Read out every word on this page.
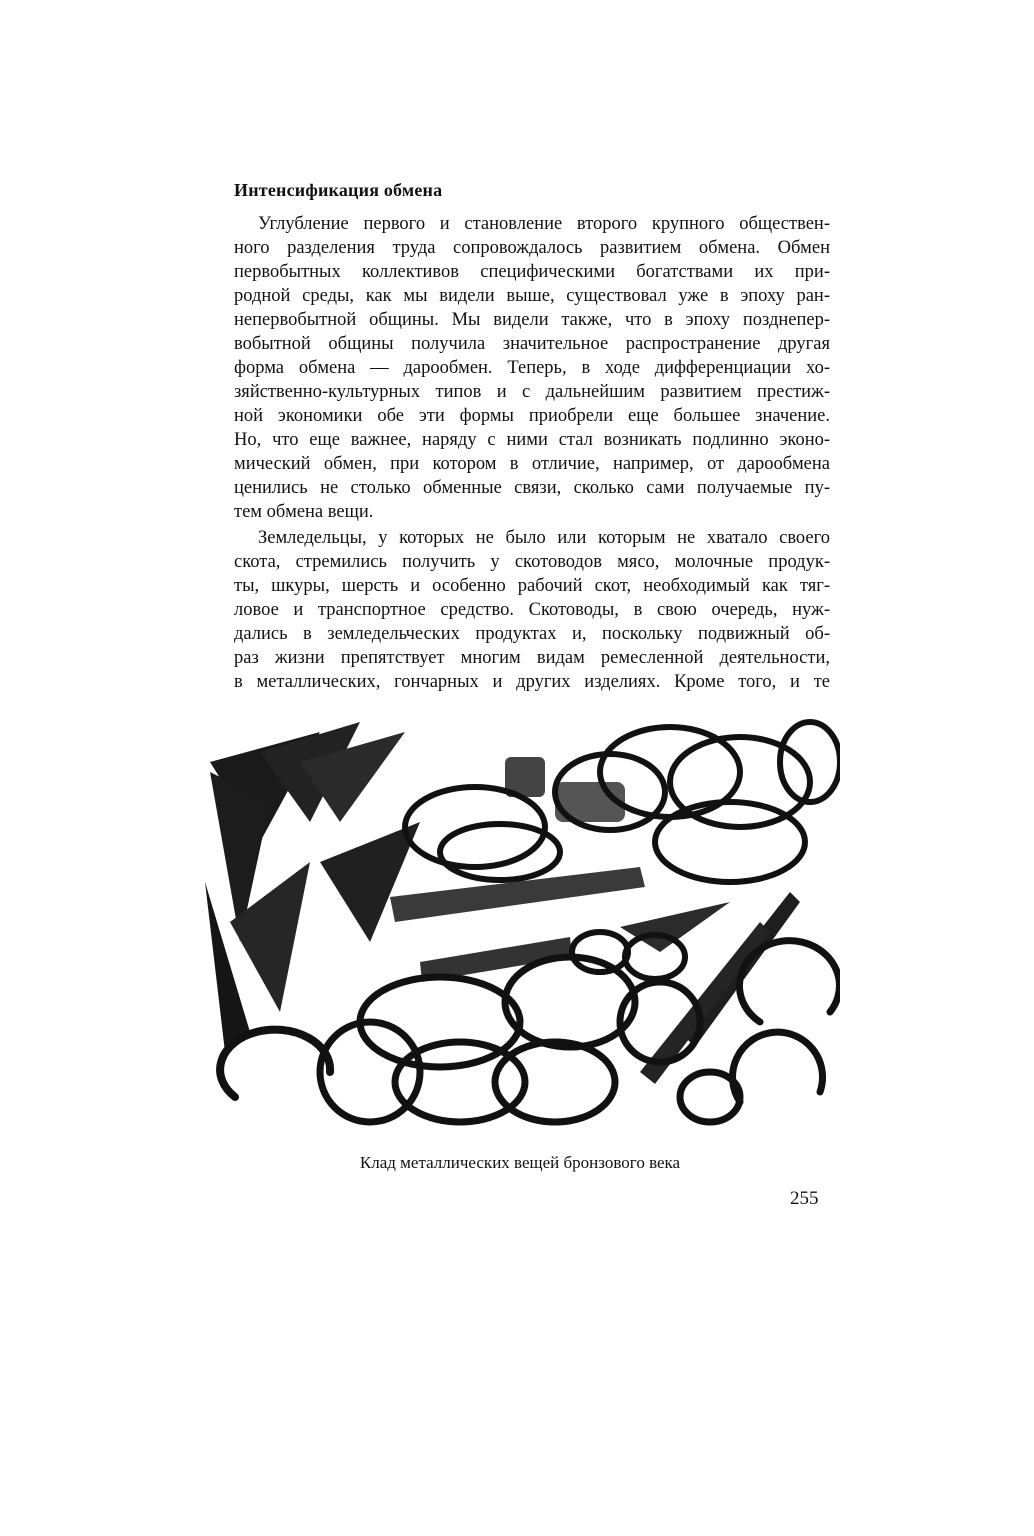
Интенсификация обмена
Углубление первого и становление второго крупного обществен-
ного разделения труда сопровождалось развитием обмена. Обмен
первобытных коллективов специфическими богатствами их при-
родной среды, как мы видели выше, существовал уже в эпоху ран-
непервобытной общины. Мы видели также, что в эпоху позднепер-
вобытной общины получила значительное распространение другая
форма обмена — дарообмен. Теперь, в ходе дифференциации хо-
зяйственно-культурных типов и с дальнейшим развитием престиж-
ной экономики обе эти формы приобрели еще большее значение.
Но, что еще важнее, наряду с ними стал возникать подлинно эконо-
мический обмен, при котором в отличие, например, от дарообмена
ценились не столько обменные связи, сколько сами получаемые пу-
тем обмена вещи.
Земледельцы, у которых не было или которым не хватало своего
скота, стремились получить у скотоводов мясо, молочные продук-
ты, шкуры, шерсть и особенно рабочий скот, необходимый как тяг-
ловое и транспортное средство. Скотоводы, в свою очередь, нуж-
дались в земледельческих продуктах и, поскольку подвижный об-
раз жизни препятствует многим видам ремесленной деятельности,
в металлических, гончарных и других изделиях. Кроме того, и те
Клад металлических вещей бронзового века
255
